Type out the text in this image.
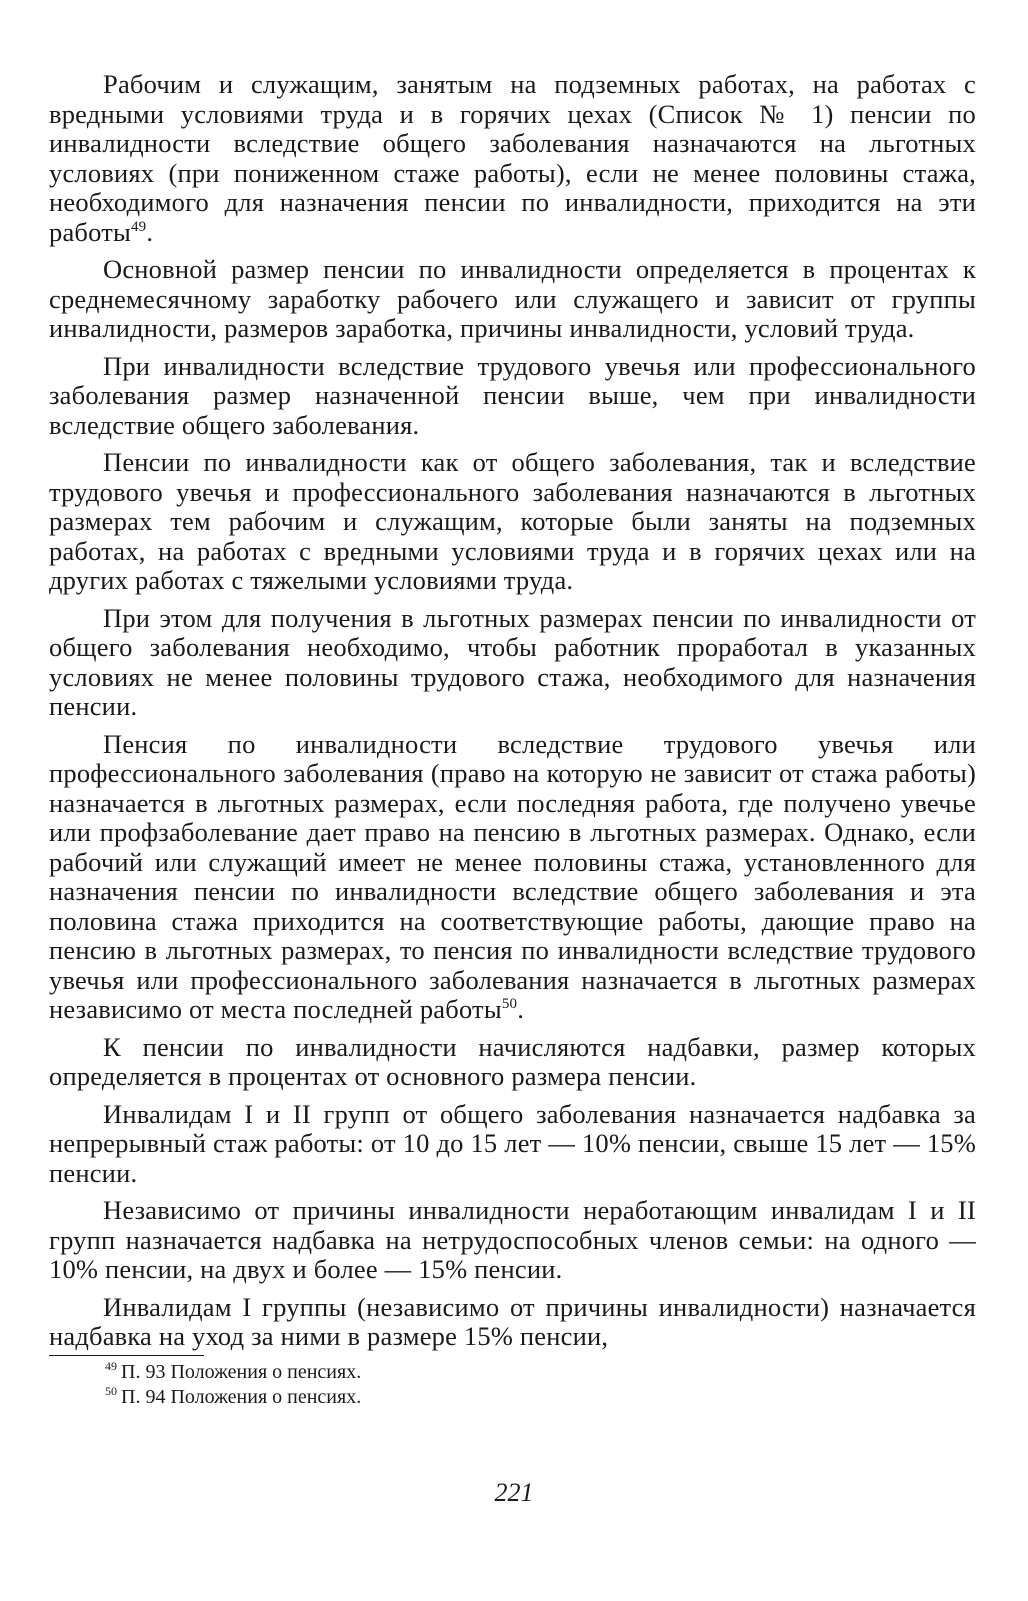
Рабочим и служащим, занятым на подземных работах, на работах с вредными условиями труда и в горячих цехах (Список № 1) пенсии по инвалидности вследствие общего заболевания назначаются на льготных условиях (при пониженном стаже работы), если не менее половины стажа, необходимого для назначения пенсии по инвалидности, приходится на эти работы$^{49}$.

Основной размер пенсии по инвалидности определяется в процентах к среднемесячному заработку рабочего или служащего и зависит от группы инвалидности, размеров заработка, причины инвалидности, условий труда.

При инвалидности вследствие трудового увечья или профессионального заболевания размер назначенной пенсии выше, чем при инвалидности вследствие общего заболевания.

Пенсии по инвалидности как от общего заболевания, так и вследствие трудового увечья и профессионального заболевания назначаются в льготных размерах тем рабочим и служащим, которые были заняты на подземных работах, на работах с вредными условиями труда и в горячих цехах или на других работах с тяжелыми условиями труда.

При этом для получения в льготных размерах пенсии по инвалидности от общего заболевания необходимо, чтобы работник проработал в указанных условиях не менее половины трудового стажа, необходимого для назначения пенсии.

Пенсия по инвалидности вследствие трудового увечья или профессионального заболевания (право на которую не зависит от стажа работы) назначается в льготных размерах, если последняя работа, где получено увечье или профзаболевание дает право на пенсию в льготных размерах. Однако, если рабочий или служащий имеет не менее половины стажа, установленного для назначения пенсии по инвалидности вследствие общего заболевания и эта половина стажа приходится на соответствующие работы, дающие право на пенсию в льготных размерах, то пенсия по инвалидности вследствие трудового увечья или профессионального заболевания назначается в льготных размерах независимо от места последней работы$^{50}$.

К пенсии по инвалидности начисляются надбавки, размер которых определяется в процентах от основного размера пенсии.

Инвалидам I и II групп от общего заболевания назначается надбавка за непрерывный стаж работы: от 10 до 15 лет — 10% пенсии, свыше 15 лет — 15% пенсии.

Независимо от причины инвалидности неработающим инвалидам I и II групп назначается надбавка на нетрудоспособных членов семьи: на одного — 10% пенсии, на двух и более — 15% пенсии.

Инвалидам I группы (независимо от причины инвалидности) назначается надбавка на уход за ними в размере 15% пенсии,

$^{49}$ П. 93 Положения о пенсиях.
$^{50}$ П. 94 Положения о пенсиях.
221
